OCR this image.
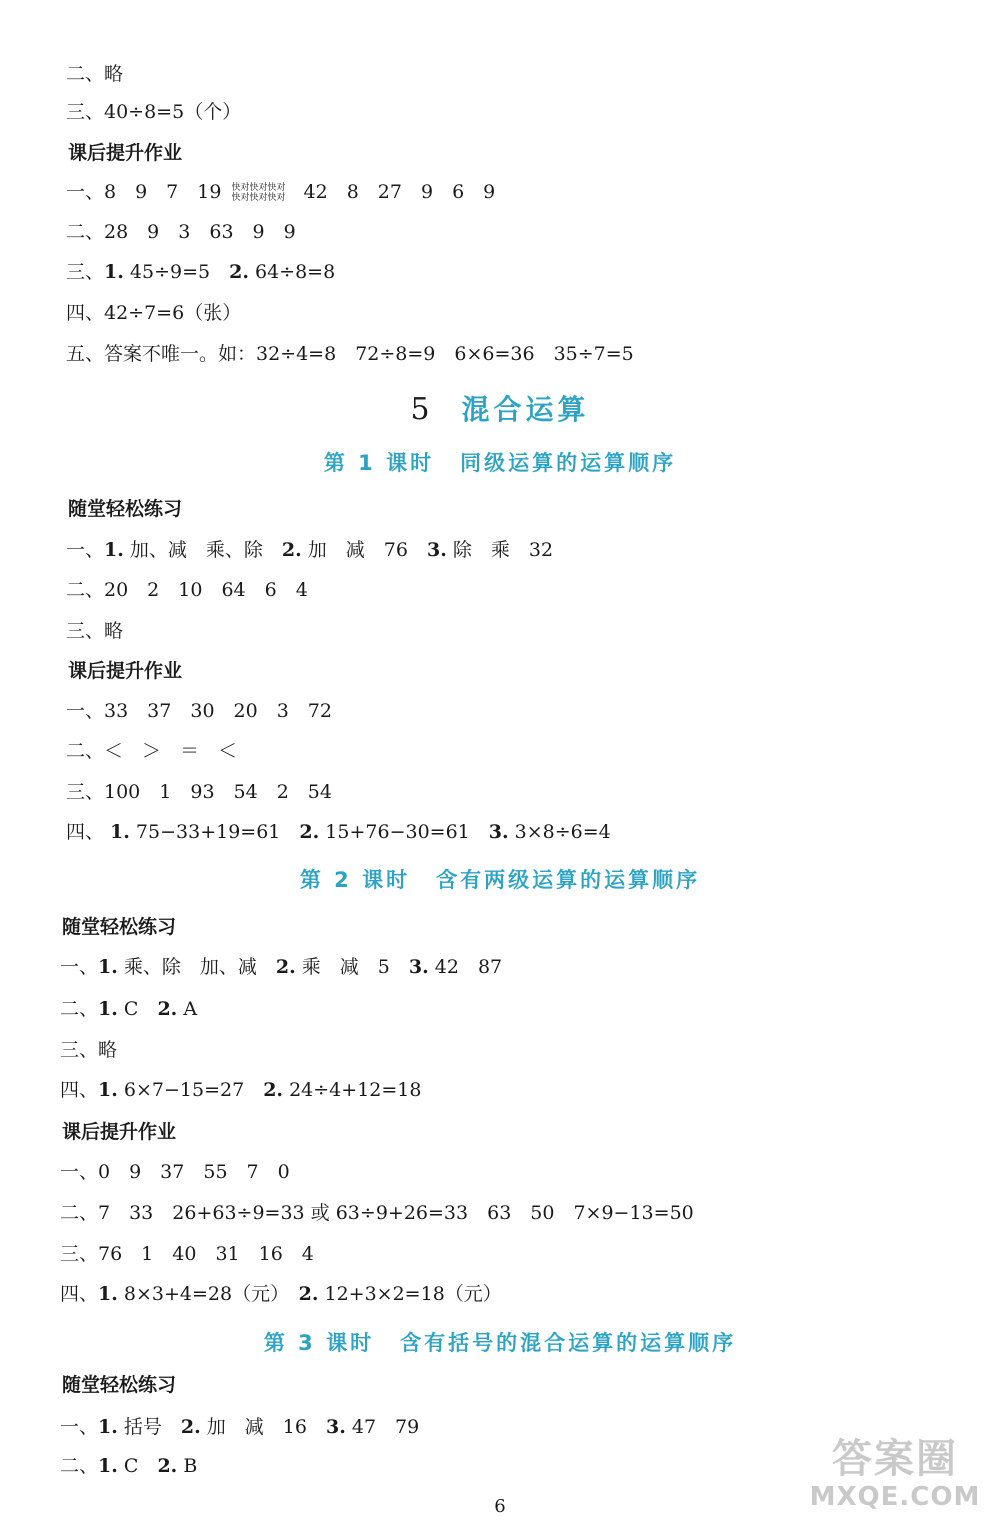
二、略
三、40÷8=5（个）
课后提升作业
一、8　9　7　19 快对快对快对快对快对快对 42　8　27　9　6　9
二、28　9　3　63　9　9
三、1. 45÷9=5　2. 64÷8=8
四、42÷7=6（张）
五、答案不唯一。如：32÷4=8　72÷8=9　6×6=36　35÷7=5
5 混合运算
第 1 课时 同级运算的运算顺序
随堂轻松练习
一、1. 加、减　乘、除　2. 加　减　76　3. 除　乘　32
二、20　2　10　64　6　4
三、略
课后提升作业
一、33　37　30　20　3　72
二、＜　＞　＝　＜
三、100　1　93　54　2　54
四、 1. 75−33+19=61　2. 15+76−30=61　3. 3×8÷6=4
第 2 课时 含有两级运算的运算顺序
随堂轻松练习
一、1. 乘、除　加、减　2. 乘　减　5　3. 42　87
二、1. C　2. A
三、略
四、1. 6×7−15=27　2. 24÷4+12=18
课后提升作业
一、0　9　37　55　7　0
二、7　33　26+63÷9=33 或 63÷9+26=33　63　50　7×9−13=50
三、76　1　40　31　16　4
四、1. 8×3+4=28（元）　2. 12+3×2=18（元）
第 3 课时 含有括号的混合运算的运算顺序
随堂轻松练习
一、1. 括号　2. 加　减　16　3. 47　79
二、1. C　2. B
6
答案圈
MXQE.COM
